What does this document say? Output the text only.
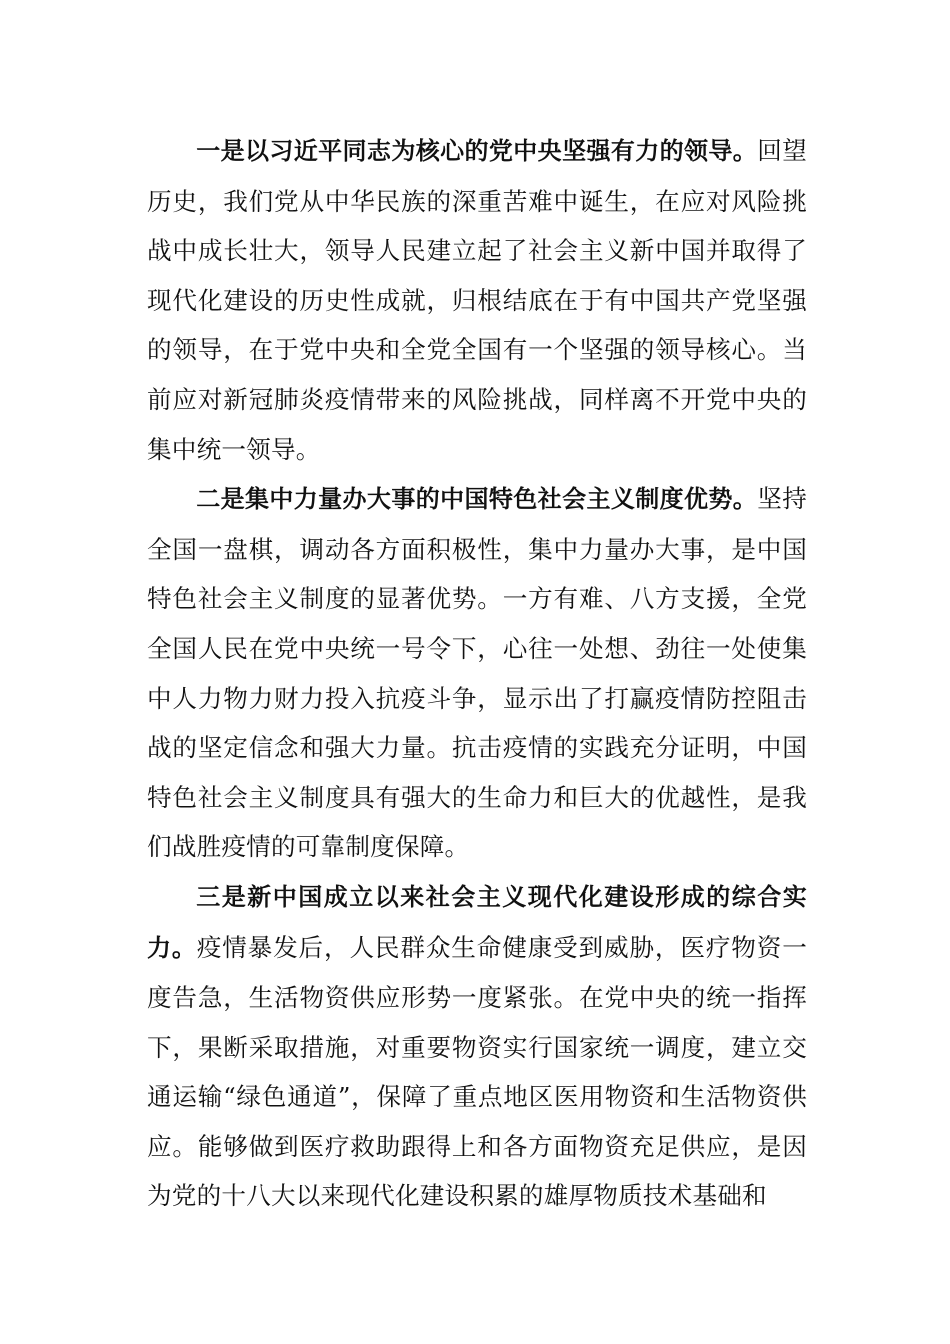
一是以习近平同志为核心的党中央坚强有力的领导。回望历史，我们党从中华民族的深重苦难中诞生，在应对风险挑战中成长壮大，领导人民建立起了社会主义新中国并取得了现代化建设的历史性成就，归根结底在于有中国共产党坚强的领导，在于党中央和全党全国有一个坚强的领导核心。当前应对新冠肺炎疫情带来的风险挑战，同样离不开党中央的集中统一领导。

二是集中力量办大事的中国特色社会主义制度优势。坚持全国一盘棋，调动各方面积极性，集中力量办大事，是中国特色社会主义制度的显著优势。一方有难、八方支援，全党全国人民在党中央统一号令下，心往一处想、劲往一处使集中人力物力财力投入抗疫斗争，显示出了打赢疫情防控阻击战的坚定信念和强大力量。抗击疫情的实践充分证明，中国特色社会主义制度具有强大的生命力和巨大的优越性，是我们战胜疫情的可靠制度保障。

三是新中国成立以来社会主义现代化建设形成的综合实力。疫情暴发后，人民群众生命健康受到威胁，医疗物资一度告急，生活物资供应形势一度紧张。在党中央的统一指挥下，果断采取措施，对重要物资实行国家统一调度，建立交通运输“绿色通道”，保障了重点地区医用物资和生活物资供应。能够做到医疗救助跟得上和各方面物资充足供应，是因为党的十八大以来现代化建设积累的雄厚物质技术基础和
